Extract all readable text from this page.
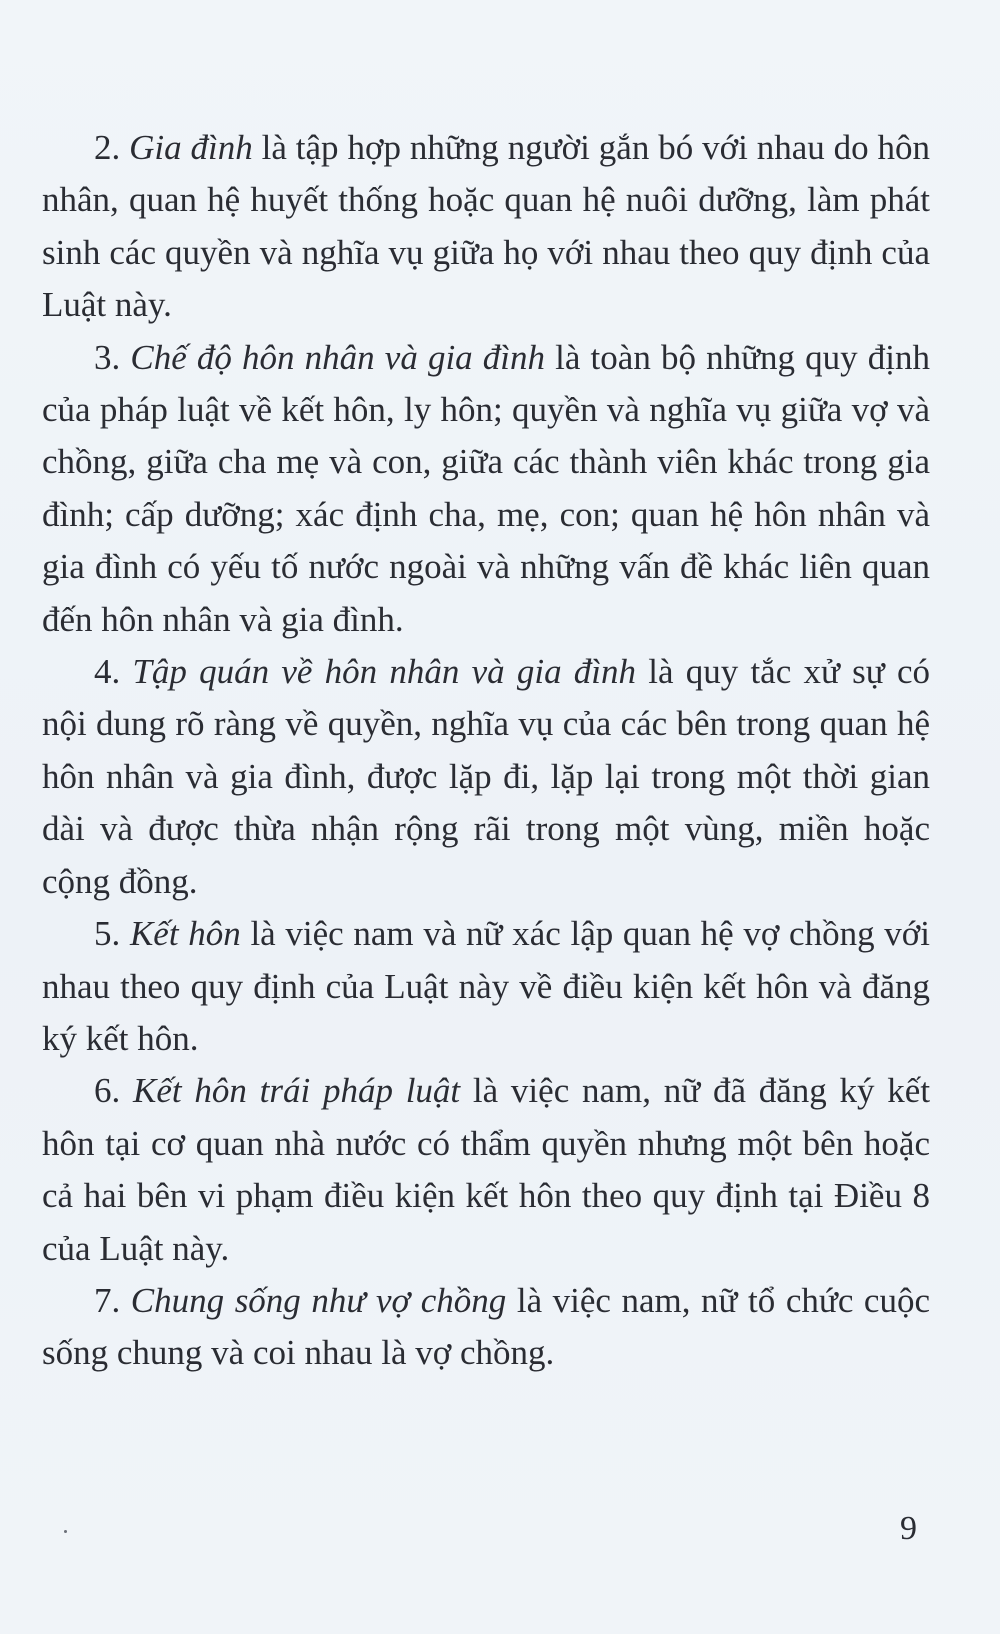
2. Gia đình là tập hợp những người gắn bó với nhau do hôn nhân, quan hệ huyết thống hoặc quan hệ nuôi dưỡng, làm phát sinh các quyền và nghĩa vụ giữa họ với nhau theo quy định của Luật này.

3. Chế độ hôn nhân và gia đình là toàn bộ những quy định của pháp luật về kết hôn, ly hôn; quyền và nghĩa vụ giữa vợ và chồng, giữa cha mẹ và con, giữa các thành viên khác trong gia đình; cấp dưỡng; xác định cha, mẹ, con; quan hệ hôn nhân và gia đình có yếu tố nước ngoài và những vấn đề khác liên quan đến hôn nhân và gia đình.

4. Tập quán về hôn nhân và gia đình là quy tắc xử sự có nội dung rõ ràng về quyền, nghĩa vụ của các bên trong quan hệ hôn nhân và gia đình, được lặp đi, lặp lại trong một thời gian dài và được thừa nhận rộng rãi trong một vùng, miền hoặc cộng đồng.

5. Kết hôn là việc nam và nữ xác lập quan hệ vợ chồng với nhau theo quy định của Luật này về điều kiện kết hôn và đăng ký kết hôn.

6. Kết hôn trái pháp luật là việc nam, nữ đã đăng ký kết hôn tại cơ quan nhà nước có thẩm quyền nhưng một bên hoặc cả hai bên vi phạm điều kiện kết hôn theo quy định tại Điều 8 của Luật này.

7. Chung sống như vợ chồng là việc nam, nữ tổ chức cuộc sống chung và coi nhau là vợ chồng.

9
